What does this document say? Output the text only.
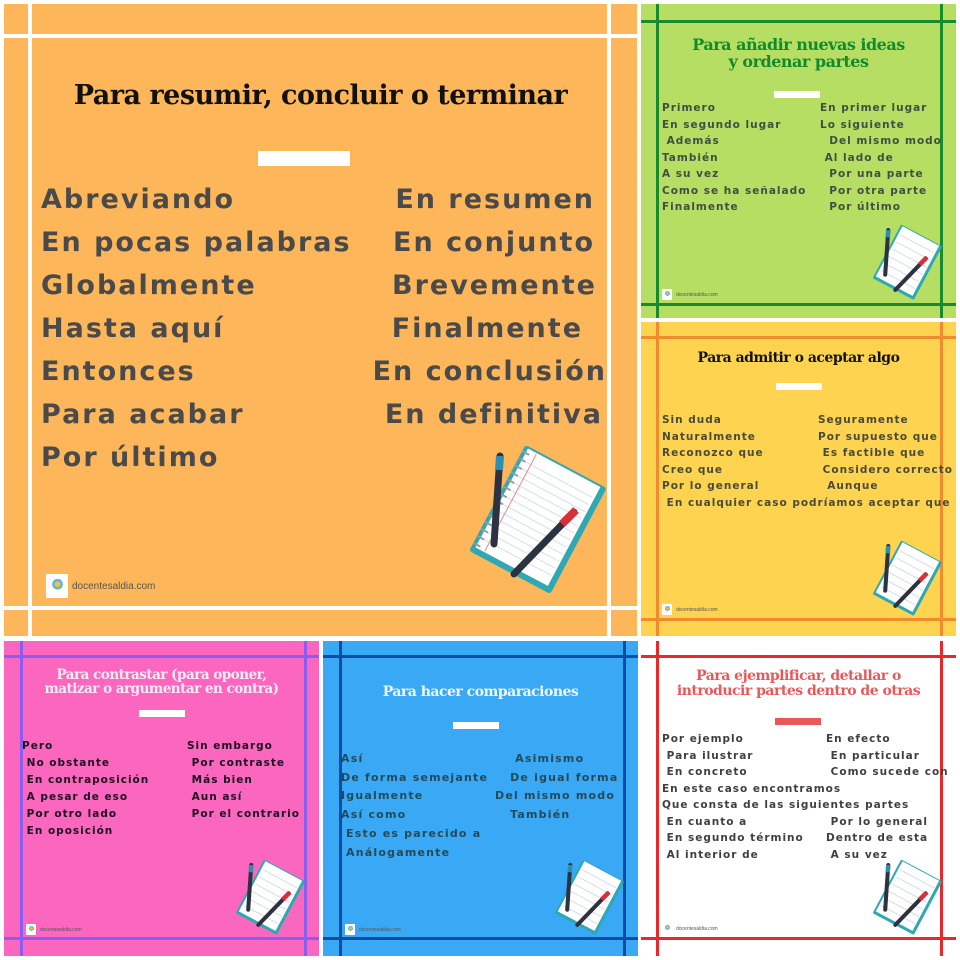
Para resumir, concluir o terminar
Abreviando
En pocas palabras
Globalmente
Hasta aquí
Entonces
Para acabar
Por último
En resumen
En conjunto
Brevemente
Finalmente
En conclusión
En definitiva
docentesaldia.com
Para añadir nuevas ideas
y ordenar partes
Primero
En segundo lugar
Además
También
A su vez
Como se ha señalado
Finalmente
En primer lugar
Lo siguiente
Del mismo modo
Al lado de
Por una parte
Por otra parte
Por último
docentesaldia.com
Para admitir o aceptar algo
Sin duda
Naturalmente
Reconozco que
Creo que
Por lo general
En cualquier caso podríamos aceptar que
Seguramente
Por supuesto que
Es factible que
Considero correcto
Aunque
docentesaldia.com
Para contrastar (para oponer,
matizar o argumentar en contra)
Pero
No obstante
En contraposición
A pesar de eso
Por otro lado
En oposición
Sin embargo
Por contraste
Más bien
Aun así
Por el contrario
docentesaldia.com
Para hacer comparaciones
Así
De forma semejante
Igualmente
Así como
Esto es parecido a
Análogamente
Asimismo
De igual forma
Del mismo modo
También
docentesaldia.com
Para ejemplificar, detallar o
introducir partes dentro de otras
Por ejemplo
Para ilustrar
En concreto
En este caso encontramos
Que consta de las siguientes partes
En cuanto a
En segundo término
Al interior de
En efecto
En particular
Como sucede con
Por lo general
Dentro de esta
A su vez
docentesaldia.com
